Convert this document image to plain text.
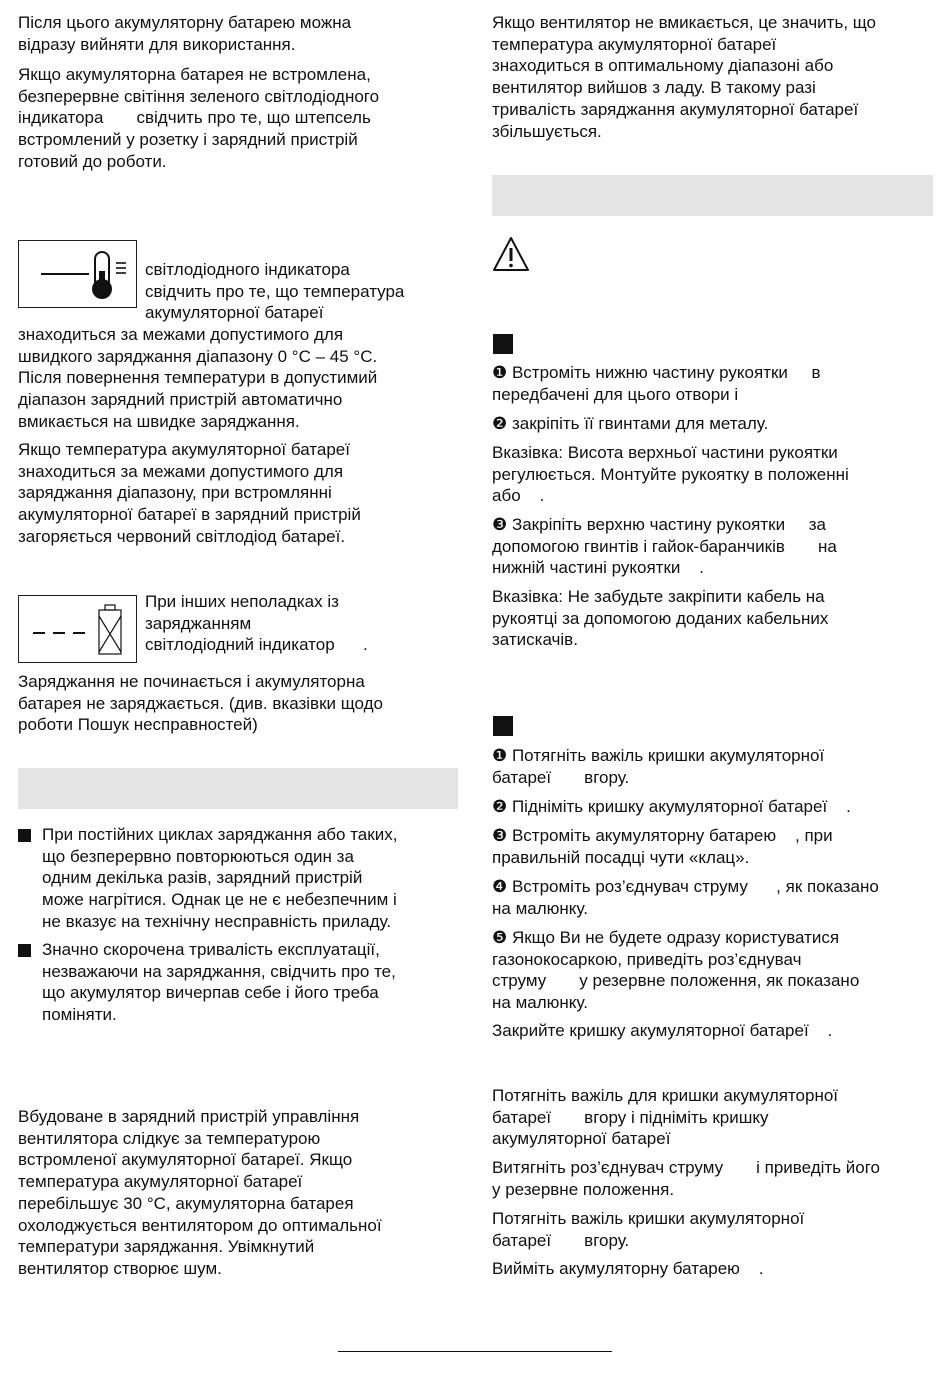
Після цього акумуляторну батарею можна
відразу вийняти для використання.

Якщо акумуляторна батарея не встромлена,
безперервне світіння зеленого світлодіодного
індикатора       свідчить про те, що штепсель
встромлений у розетку і зарядний пристрій
готовий до роботи.

світлодіодного індикатора
свідчить про те, що температура
акумуляторної батареї

знаходиться за межами допустимого для
швидкого заряджання діапазону 0 °C – 45 °C.
Після повернення температури в допустимий
діапазон зарядний пристрій автоматично
вмикається на швидке заряджання.

Якщо температура акумуляторної батареї
знаходиться за межами допустимого для
заряджання діапазону, при встромлянні
акумуляторної батареї в зарядний пристрій
загоряється червоний світлодіод батареї.

При інших неполадках із
заряджанням
світлодіодний індикатор      .

Заряджання не починається і акумуляторна
батарея не заряджається. (див. вказівки щодо
роботи Пошук несправностей)

При постійних циклах заряджання або таких,
що безперервно повторюються один за
одним декілька разів, зарядний пристрій
може нагрітися. Однак це не є небезпечним і
не вказує на технічну несправність приладу.

Значно скорочена тривалість експлуатації,
незважаючи на заряджання, свідчить про те,
що акумулятор вичерпав себе і його треба
поміняти.

Вбудоване в зарядний пристрій управління
вентилятора слідкує за температурою
встромленої акумуляторної батареї. Якщо
температура акумуляторної батареї
перебільшує 30 °C, акумуляторна батарея
охолоджується вентилятором до оптимальної
температури заряджання. Увімкнутий
вентилятор створює шум.

Якщо вентилятор не вмикається, це значить, що
температура акумуляторної батареї
знаходиться в оптимальному діапазоні або
вентилятор вийшов з ладу. В такому разі
тривалість заряджання акумуляторної батареї
збільшується.

❶ Встроміть нижню частину рукоятки     в
передбачені для цього отвори і

❷ закріпіть її гвинтами для металу.

Вказівка: Висота верхньої частини рукоятки
регулюється. Монтуйте рукоятку в положенні
або    .

❸ Закріпіть верхню частину рукоятки     за
допомогою гвинтів і гайок-баранчиків       на
нижній частині рукоятки    .

Вказівка: Не забудьте закріпити кабель на
рукоятці за допомогою доданих кабельних
затискачів.

❶ Потягніть важіль кришки акумуляторної
батареї       вгору.

❷ Підніміть кришку акумуляторної батареї    .

❸ Встроміть акумуляторну батарею    , при
правильній посадці чути «клац».

❹ Встроміть роз’єднувач струму      , як показано
на малюнку.

❺ Якщо Ви не будете одразу користуватися
газонокосаркою, приведіть роз’єднувач
струму       у резервне положення, як показано
на малюнку.

Закрийте кришку акумуляторної батареї    .

Потягніть важіль для кришки акумуляторної
батареї       вгору і підніміть кришку
акумуляторної батареї

Витягніть роз’єднувач струму       і приведіть його
у резервне положення.

Потягніть важіль кришки акумуляторної
батареї       вгору.

Вийміть акумуляторну батарею    .
